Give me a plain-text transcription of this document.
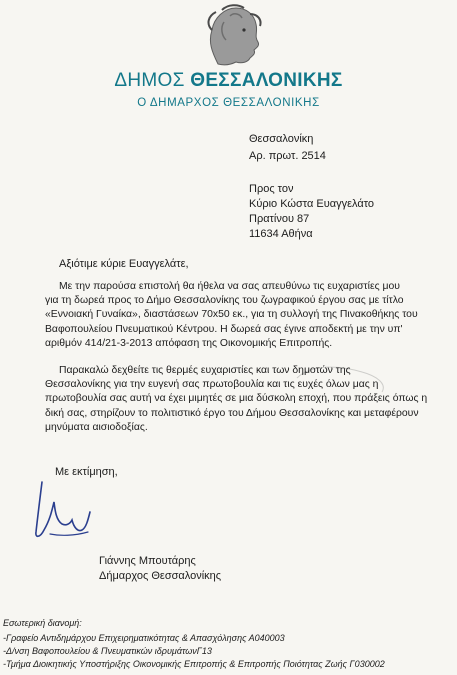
ΔΗΜΟΣ ΘΕΣΣΑΛΟΝΙΚΗΣ
Ο ΔΗΜΑΡΧΟΣ ΘΕΣΣΑΛΟΝΙΚΗΣ
Θεσσαλονίκη
Αρ. πρωτ. 2514
Προς τον
Κύριο Κώστα Ευαγγελάτο
Πρατίνου 87
11634 Αθήνα
Αξιότιμε κύριε Ευαγγελάτε,
Με την παρούσα επιστολή θα ήθελα να σας απευθύνω τις ευχαριστίες μου
για τη δωρεά προς το Δήμο Θεσσαλονίκης του ζωγραφικού έργου σας με τίτλο
«Εννοιακή Γυναίκα», διαστάσεων 70x50 εκ., για τη συλλογή της Πινακοθήκης του
Βαφοπουλείου Πνευματικού Κέντρου. Η δωρεά σας έγινε αποδεκτή με την υπ'
αριθμόν 414/21-3-2013 απόφαση της Οικονομικής Επιτροπής.
Παρακαλώ δεχθείτε τις θερμές ευχαριστίες και των δημοτών της
Θεσσαλονίκης για την ευγενή σας πρωτοβουλία και τις ευχές όλων μας η
πρωτοβουλία σας αυτή να έχει μιμητές σε μια δύσκολη εποχή, που πράξεις όπως η
δική σας, στηρίζουν το πολιτιστικό έργο του Δήμου Θεσσαλονίκης και μεταφέρουν
μηνύματα αισιοδοξίας.
Με εκτίμηση,
Γιάννης Μπουτάρης
Δήμαρχος Θεσσαλονίκης
Εσωτερική διανομή:
-Γραφείο Αντιδημάρχου Επιχειρηματικότητας & Απασχόλησης Α040003
-Δ/νση Βαφοπουλείου & Πνευματικών ιδρυμάτωνΓ13
-Τμήμα Διοικητικής Υποστήριξης Οικονομικής Επιτροπής & Επιτροπής Ποιότητας Ζωής Γ030002
